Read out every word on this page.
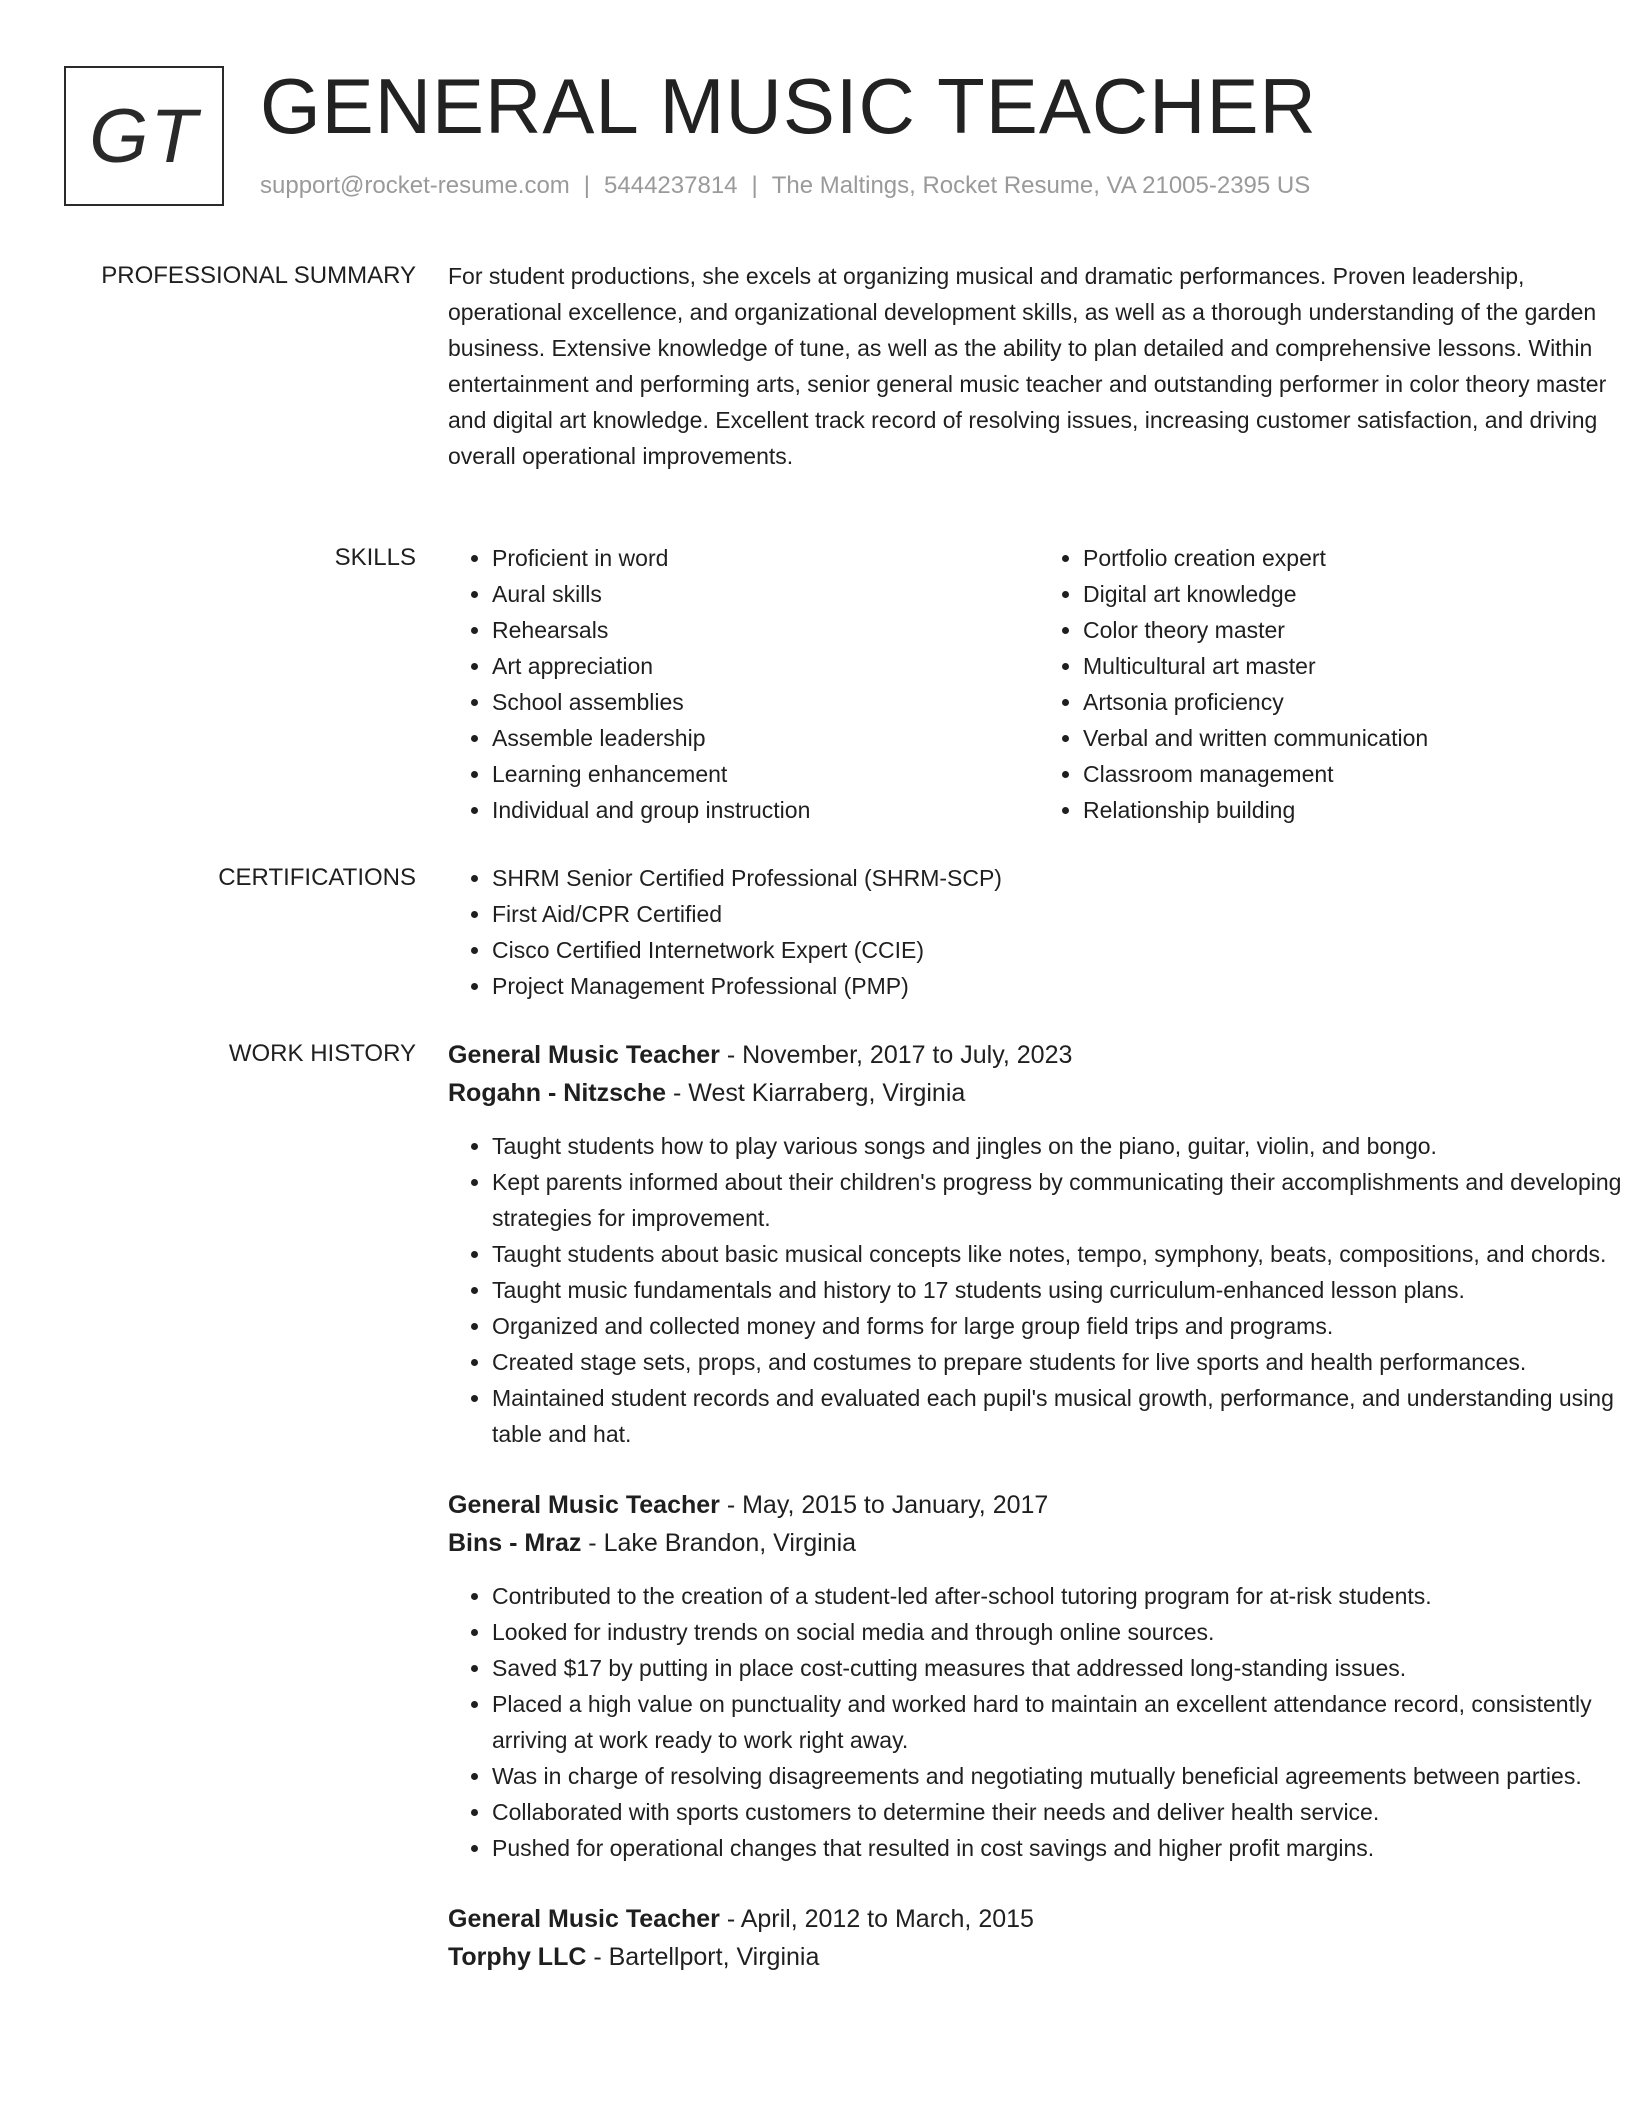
GT GENERAL MUSIC TEACHER
support@rocket-resume.com | 5444237814 | The Maltings, Rocket Resume, VA 21005-2395 US
PROFESSIONAL SUMMARY For student productions, she excels at organizing musical and dramatic performances. Proven leadership, operational excellence, and organizational development skills, as well as a thorough understanding of the garden business. Extensive knowledge of tune, as well as the ability to plan detailed and comprehensive lessons. Within entertainment and performing arts, senior general music teacher and outstanding performer in color theory master and digital art knowledge. Excellent track record of resolving issues, increasing customer satisfaction, and driving overall operational improvements.
SKILLS	• Proficient in word
• Aural skills
• Rehearsals
• Art appreciation
• School assemblies
• Assemble leadership
• Learning enhancement
• Individual and group instruction
• Portfolio creation expert
• Digital art knowledge
• Color theory master
• Multicultural art master
• Artsonia proficiency
• Verbal and written communication
• Classroom management
• Relationship building
CERTIFICATIONS	• SHRM Senior Certified Professional (SHRM-SCP)
• First Aid/CPR Certified
• Cisco Certified Internetwork Expert (CCIE)
• Project Management Professional (PMP)
WORK HISTORY General Music Teacher - November, 2017 to July, 2023
Rogahn - Nitzsche - West Kiarraberg, Virginia
• Taught students how to play various songs and jingles on the piano, guitar, violin, and bongo.
• Kept parents informed about their children's progress by communicating their accomplishments and developing strategies for improvement.
• Taught students about basic musical concepts like notes, tempo, symphony, beats, compositions, and chords.
• Taught music fundamentals and history to 17 students using curriculum-enhanced lesson plans.
• Organized and collected money and forms for large group field trips and programs.
• Created stage sets, props, and costumes to prepare students for live sports and health performances.
• Maintained student records and evaluated each pupil's musical growth, performance, and understanding using table and hat.
General Music Teacher - May, 2015 to January, 2017
Bins - Mraz - Lake Brandon, Virginia
• Contributed to the creation of a student-led after-school tutoring program for at-risk students.
• Looked for industry trends on social media and through online sources.
• Saved $17 by putting in place cost-cutting measures that addressed long-standing issues.
• Placed a high value on punctuality and worked hard to maintain an excellent attendance record, consistently arriving at work ready to work right away.
• Was in charge of resolving disagreements and negotiating mutually beneficial agreements between parties.
• Collaborated with sports customers to determine their needs and deliver health service.
• Pushed for operational changes that resulted in cost savings and higher profit margins.
General Music Teacher - April, 2012 to March, 2015
Torphy LLC - Bartellport, Virginia
